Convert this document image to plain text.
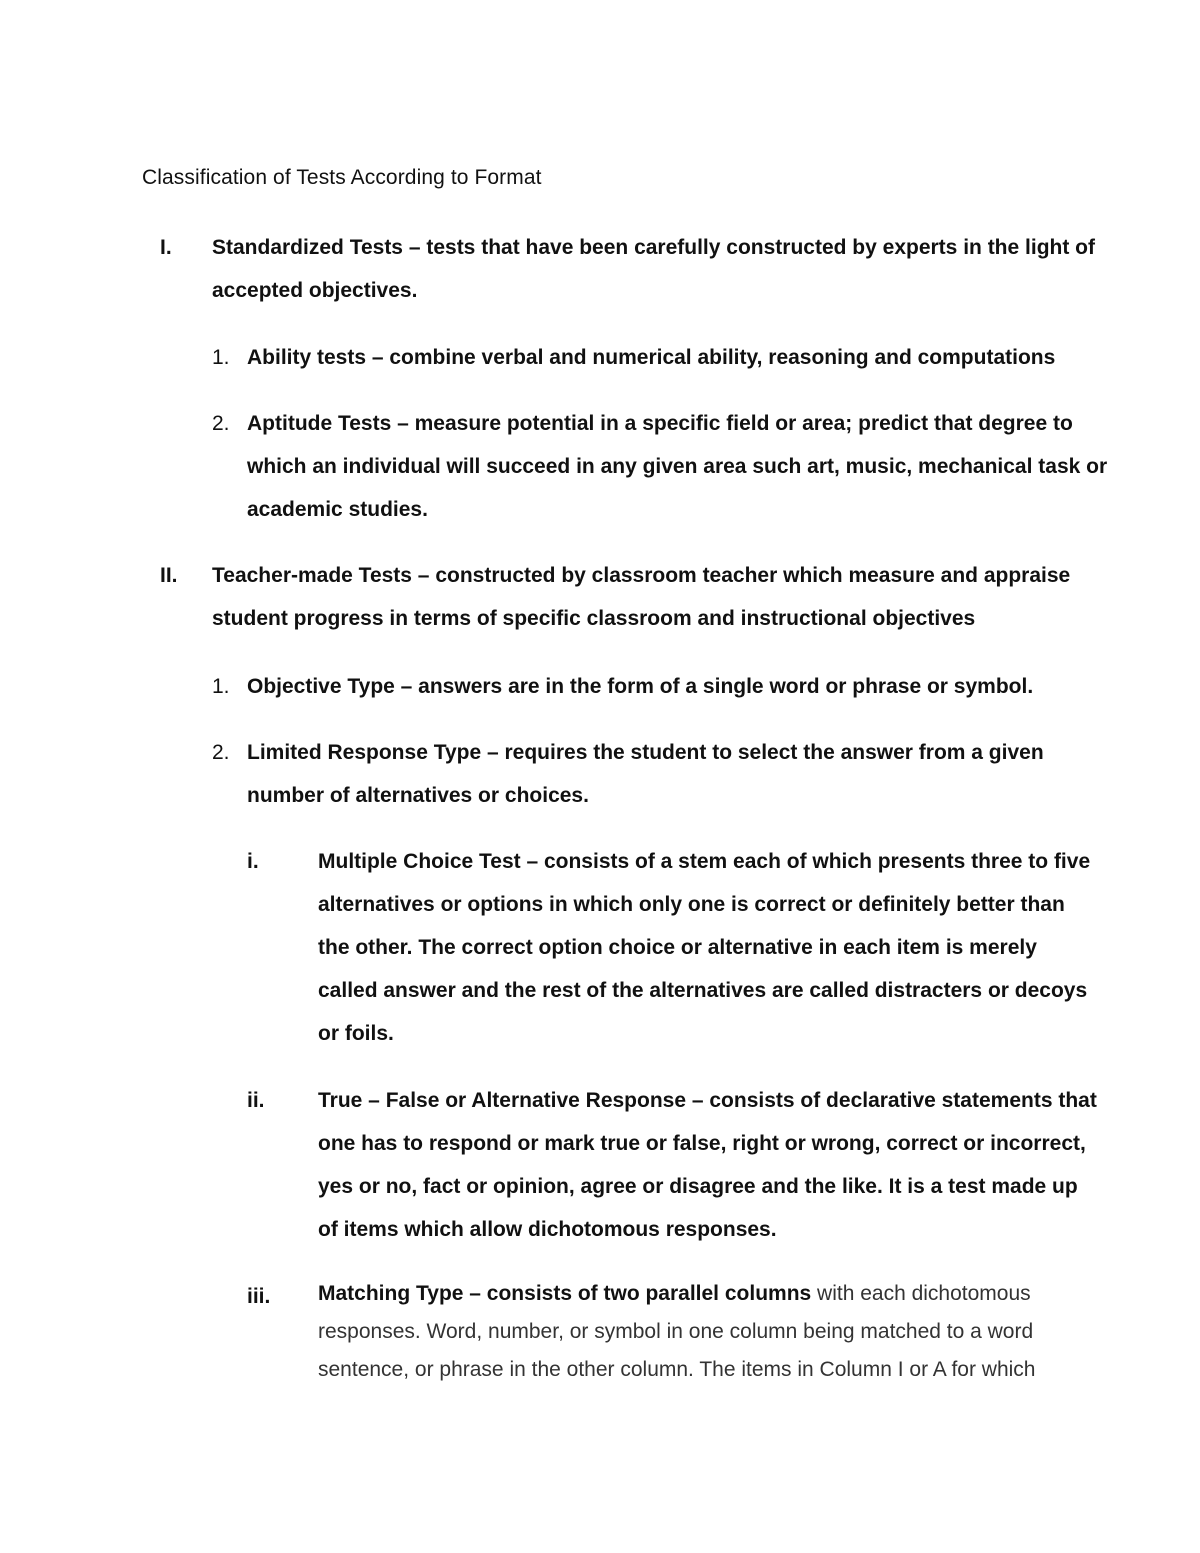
Classification of Tests According to Format
I. Standardized Tests – tests that have been carefully constructed by experts in the light of
accepted objectives.
1. Ability tests – combine verbal and numerical ability, reasoning and computations
2. Aptitude Tests – measure potential in a specific field or area; predict that degree to
which an individual will succeed in any given area such art, music, mechanical task or
academic studies.
II. Teacher-made Tests – constructed by classroom teacher which measure and appraise
student progress in terms of specific classroom and instructional objectives
1. Objective Type – answers are in the form of a single word or phrase or symbol.
2. Limited Response Type – requires the student to select the answer from a given
number of alternatives or choices.
i.	Multiple Choice Test – consists of a stem each of which presents three to five
alternatives or options in which only one is correct or definitely better than
the other. The correct option choice or alternative in each item is merely
called answer and the rest of the alternatives are called distracters or decoys
or foils.
ii.	True – False or Alternative Response – consists of declarative statements that
one has to respond or mark true or false, right or wrong, correct or incorrect,
yes or no, fact or opinion, agree or disagree and the like. It is a test made up
of items which allow dichotomous responses.
iii. Matching Type – consists of two parallel columns with each dichotomous
responses. Word, number, or symbol in one column being matched to a word
sentence, or phrase in the other column. The items in Column I or A for which
